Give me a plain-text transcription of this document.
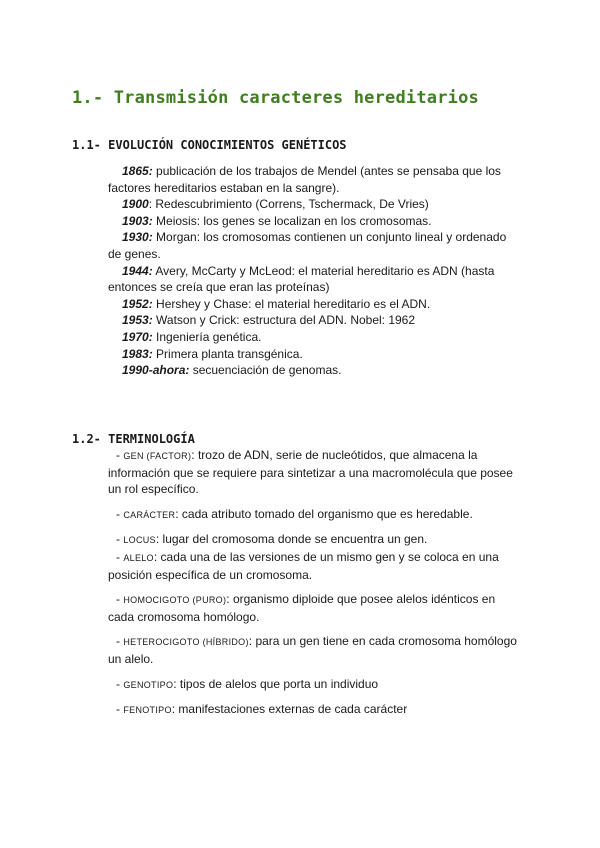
1.- Transmisión caracteres hereditarios
1.1- EVOLUCIÓN CONOCIMIENTOS GENÉTICOS

1865: publicación de los trabajos de Mendel (antes se pensaba que los factores hereditarios estaban en la sangre).

1900: Redescubrimiento (Correns, Tschermack, De Vries)

1903: Meiosis: los genes se localizan en los cromosomas.

1930: Morgan: los cromosomas contienen un conjunto lineal y ordenado de genes.

1944: Avery, McCarty y McLeod: el material hereditario es ADN (hasta entonces se creía que eran las proteínas)

1952: Hershey y Chase: el material hereditario es el ADN.

1953: Watson y Crick: estructura del ADN. Nobel: 1962

1970: Ingeniería genética.

1983: Primera planta transgénica.

1990-ahora: secuenciación de genomas.

1.2- TERMINOLOGÍA

- GEN (FACTOR): trozo de ADN, serie de nucleótidos, que almacena la información que se requiere para sintetizar a una macromolécula que posee un rol específico.

- CARÁCTER: cada atributo tomado del organismo que es heredable.

- LOCUS: lugar del cromosoma donde se encuentra un gen.

- ALELO: cada una de las versiones de un mismo gen y se coloca en una posición específica de un cromosoma.

- HOMOCIGOTO (PURO): organismo diploide que posee alelos idénticos en cada cromosoma homólogo.

- HETEROCIGOTO (HÍBRIDO): para un gen tiene en cada cromosoma homólogo un alelo.

- GENOTIPO: tipos de alelos que porta un individuo

- FENOTIPO: manifestaciones externas de cada carácter
